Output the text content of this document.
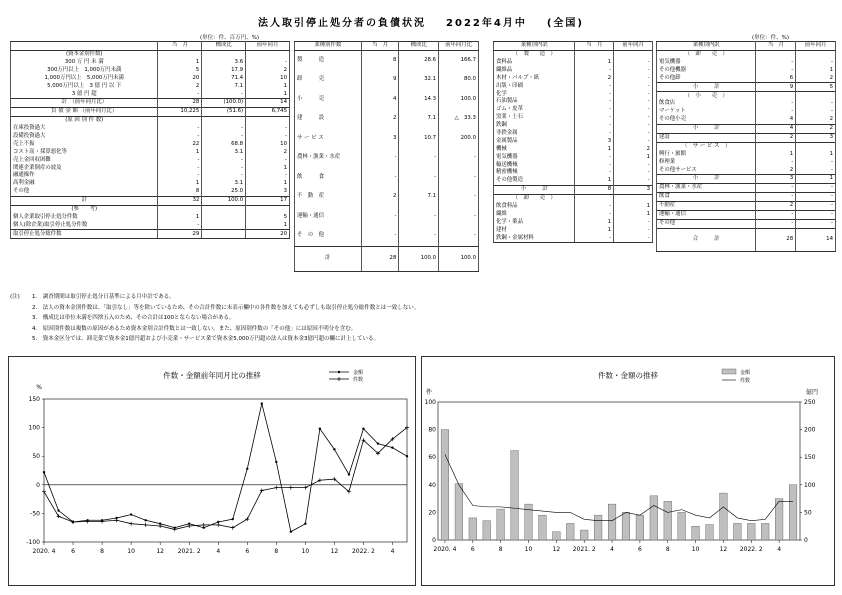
法人取引停止処分者の負債状況 2022年4月中 (全国)
(単位：件、百万円、%)	(単位：件、%)
	当　月	構成比	前年同月
(資本金別件数)			
300 万 円 未 満	1	3.6	-
300万円以上　1,000万円未満	5	17.9	2
1,000万円以上　5,000万円未満	20	71.4	10
5,000万円以上　3 億 円 以 下	2	7.1	1
3 億 円 超	-	-	1
計　（前年同月比）	28	(100.0)	14
負 債 金 額 （前年同月比）	10,225	(51.6)	6,745
(原 因 別 件 数)			
在庫投資過大	-	-	-
設備投資過大	-	-	-
売上不振	22	68.8	10
コスト高・採算悪化等	1	3.1	2
売上金回収困難	-	-	-
関連企業倒産の波及	-	-	1
融通操作	-	-	-
高利金融	1	3.1	1
その他	8	25.0	3
計	32	100.0	17
(参　　考)			
個人企業取引停止処分件数	1		5
個人(除企業)取引停止処分件数	-		1
取引停止処分総件数	29		20
業種別件数	当　月	構成比	前年同月比
製　　　造	8	28.6	166.7
卸　　　売	9	32.1	80.0
小　　　売	4	14.3	100.0
建　　　設	2	7.1	△　33.3
サ ー ビ ス	3	10.7	200.0
農林・漁業・水産	-	-	-
飲　　　食	-	-	-
不　動　産	2	7.1	-
運輸・通信	-	-	-
そ　の　他	-	-	-
計	28	100.0	100.0
業種別内訳	当　月	前年同月
（　製　　造　）		
食料品	1	-
繊維品	-	-
木材・パルプ・紙	2	-
出版・印刷	-	-
化学	-	-
石油製品	-	-
ゴム・皮革	-	-
窯業・土石	-	-
鉄鋼	-	-
非鉄金属	-	-
金属製品	3	-
機械	1	2
電気機器	-	1
輸送機械	-	-
精密機械	-	-
その他製造	1	-
小　　　計	8	3
（　卸　　売　）		
飲食料品	-	1
繊維	-	1
化学・薬品	1	-
建材	1	-
鉄鋼・金属材料	-	-
業種別内訳	当　月	前年同月
（　卸　　売　）		
電気機器	-	-
その他機器	-	1
その他卸	6	2
小　　　計	9	5
（　小　　売　）		
飲食店	-	-
マーケット	-	-
その他小売	4	2
小　　　計	4	2
建設	2	3
（　サ ー ビ ス　）		
興行・旅館	1	1
修理業	-	-
その他サービス	2	-
小　　　計	3	1
農林・漁業・水産	-	-
飲食	-	-
不動産	2	-
運輸・通信	-	-
その他	-	-
合　　　計	28	14
(注)	1.　調査期間は取引停止処分日基準による月中計である。
2.　法人の資本金別件数は、「取引なし」等を除いているため、その合計件数に未表示欄中の各件数を加えても必ずしも取引停止処分総件数とは一致しない。
3.　構成比は単位未満を四捨五入のため、その合計は100とならない場合がある。
4.　原因別件数は複数の原因があるため資本金別合計件数とは一致しない。また、原因別件数の「その他」には原因不明分を含む。
5.　資本金区分では、卸売業で資本金1億円超および小売業・サービス業で資本金5,000万円超の法人は資本金3億円超の欄に計上している。
件数・金額前年同月比の推移
%
-100
-50
0
50
100
150
2020. 4	6	8	10	12 2021. 2	4	6	8	10	12 2022. 2	4
金額
件数	件数・金額の推移
件	億円
0
20
40
60
80
100
0
50
100
150
200
250
2020. 4 6	8	10	12 2021. 2 4	6	8	10	12 2022. 2 4
金額
件数
